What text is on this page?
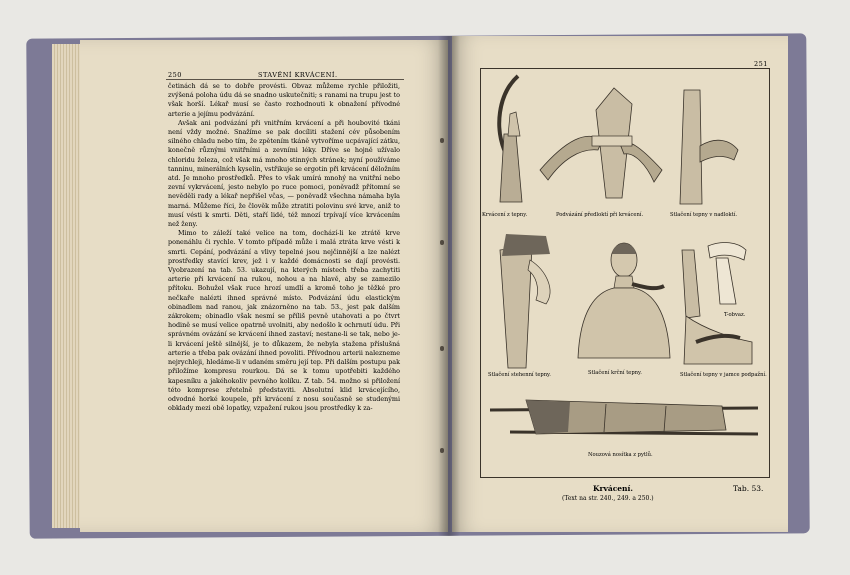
250	STAVĚNÍ KRVÁCENÍ.

četinách dá se to dobře provésti. Obvaz můžeme rychle přiložiti, zvýšená poloha údu dá se snadno uskutečniti; s ranami na trupu jest to však horší. Lékař musí se často rozhodnouti k obnažení přívodné arterie a jejímu podvázání.

Avšak ani podvázání při vnitřním krvácení a při houbovité tkáni není vždy možné. Snažíme se pak docíliti stažení cév působením silného chladu nebo tím, že zpětením tkáně vytvoříme ucpávající zátku, konečně různými vnitřními a zevními léky. Dříve se hojně užívalo chloridu železa, což však má mnoho stinných stránek; nyní používáme tanninu, minerálních kyselin, vstřikuje se ergotin při krvácení děložním atd. Je mnoho prostředků. Přes to však umírá mnohý na vnitřní nebo zevní vykrvácení, jesto nebylo po ruce pomoci, poněvadž přítomní se nevěděli rady a lékař nepřišel včas, — poněvadž všechna námaha byla marná. Můžeme říci, že člověk může ztratiti polovinu své krve, aniž to musí vésti k smrti. Děti, staří lidé, též mnozí trpívají více krvácením než ženy.

Mimo to záleží také velice na tom, dochází-li ke ztrátě krve ponenáhlu či rychle. V tomto případě může i malá ztráta krve vésti k smrti. Cepání, podvázání a vlivy tepelné jsou nejčinnější a lze nalézt prostředky stavící krev, jež i v každé domácnosti se dají provésti. Vyobrazení na tab. 53. ukazují, na kterých místech třeba zachytiti arterie při krvácení na rukou, nohou a na hlavě, aby se zamezilo přítoku. Bohužel však ruce hrozí umdlí a kromě toho je těžké pro nečkaře nalézti ihned správné místo. Podvázání údu elastickým obinadlem nad ranou, jak znázorněno na tab. 53., jest pak dalším zákrokem; obinadlo však nesmí se příliš pevně utahovati a po čtvrt hodině se musí velice opatrně uvolniti, aby nedošlo k ochrnutí údu. Při správném ovázání se krvácení ihned zastaví; nestane-li se tak, nebo je-li krvácení ještě silnější, je to důkazem, že nebyla stažena příslušná arterie a třeba pak ovázání ihned povoliti. Přívodnou arterii nalezneme nejrychleji, hledáme-li v udaném směru její tep. Při dalším postupu pak přiložíme kompresu rourkou. Dá se k tomu upotřebiti každého kapesníku a jakéhokoliv pevného kolíku. Z tab. 54. možno si přiložení této komprese zřetelně představiti. Absolutní klid krvácejícího, odvodné horké koupele, při krvácení z nosu současně se studenými obklady mezi obě lopatky, vzpažení rukou jsou prostředky k za-

251
Krvácení z tepny.	Podvázání předloktí při krvácení.	Stlačení tepny v nadloktí.
Stlačení stehenní tepny.	Stlačení krční tepny.
T-obvaz.
Stlačení tepny v jamce podpažní.
Nouzová nosítka z pytlů.
Krvácení.
(Text na str. 240., 249. a 250.)
Tab. 53.
